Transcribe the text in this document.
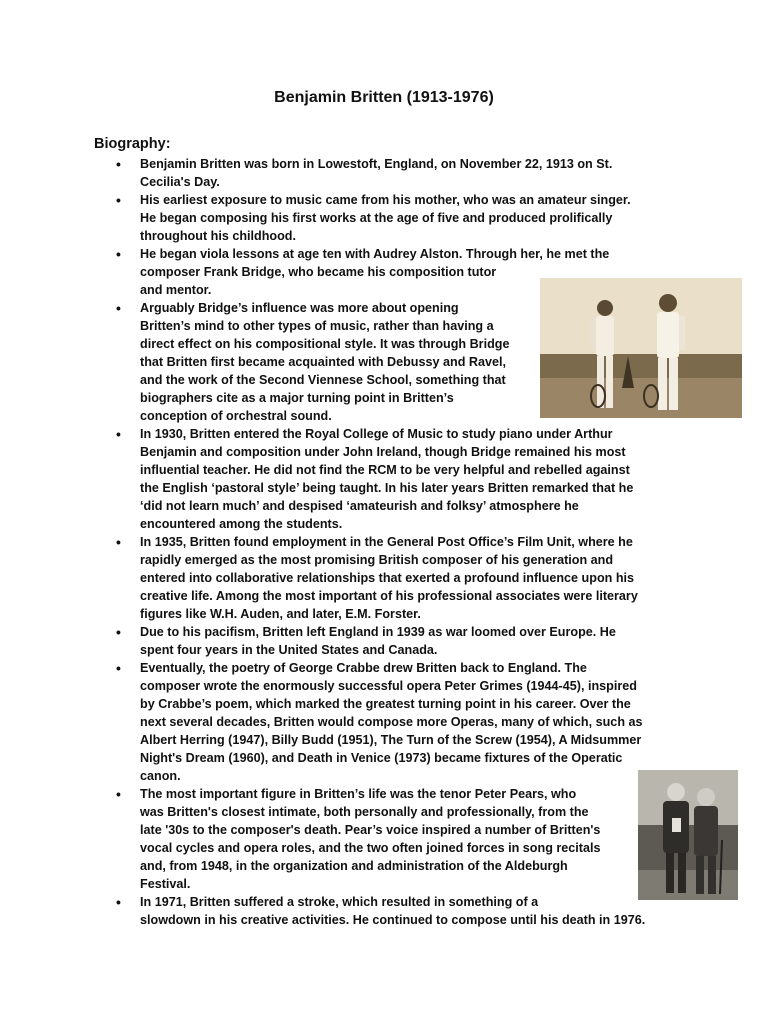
Benjamin Britten (1913-1976)
Biography:
• Benjamin Britten was born in Lowestoft, England, on November 22, 1913 on St.
Cecilia's Day.
• His earliest exposure to music came from his mother, who was an amateur singer.
He began composing his first works at the age of five and produced prolifically
throughout his childhood.
• He began viola lessons at age ten with Audrey Alston. Through her, he met the
composer Frank Bridge, who became his composition tutor
and mentor.
• Arguably Bridge’s influence was more about opening
Britten’s mind to other types of music, rather than having a
direct effect on his compositional style. It was through Bridge
that Britten first became acquainted with Debussy and Ravel,
and the work of the Second Viennese School, something that
biographers cite as a major turning point in Britten’s
conception of orchestral sound.
• In 1930, Britten entered the Royal College of Music to study piano under Arthur
Benjamin and composition under John Ireland, though Bridge remained his most
influential teacher. He did not find the RCM to be very helpful and rebelled against
the English ‘pastoral style’ being taught. In his later years Britten remarked that he
‘did not learn much’ and despised ‘amateurish and folksy’ atmosphere he
encountered among the students.
• In 1935, Britten found employment in the General Post Office’s Film Unit, where he
rapidly emerged as the most promising British composer of his generation and
entered into collaborative relationships that exerted a profound influence upon his
creative life. Among the most important of his professional associates were literary
figures like W.H. Auden, and later, E.M. Forster.
• Due to his pacifism, Britten left England in 1939 as war loomed over Europe. He
spent four years in the United States and Canada.
• Eventually, the poetry of George Crabbe drew Britten back to England. The
composer wrote the enormously successful opera Peter Grimes (1944-45), inspired
by Crabbe’s poem, which marked the greatest turning point in his career. Over the
next several decades, Britten would compose more Operas, many of which, such as
Albert Herring (1947), Billy Budd (1951), The Turn of the Screw (1954), A Midsummer
Night's Dream (1960), and Death in Venice (1973) became fixtures of the Operatic
canon.
• The most important figure in Britten’s life was the tenor Peter Pears, who
was Britten's closest intimate, both personally and professionally, from the
late '30s to the composer's death. Pear’s voice inspired a number of Britten's
vocal cycles and opera roles, and the two often joined forces in song recitals
and, from 1948, in the organization and administration of the Aldeburgh
Festival.
• In 1971, Britten suffered a stroke, which resulted in something of a
slowdown in his creative activities. He continued to compose until his death in 1976.
